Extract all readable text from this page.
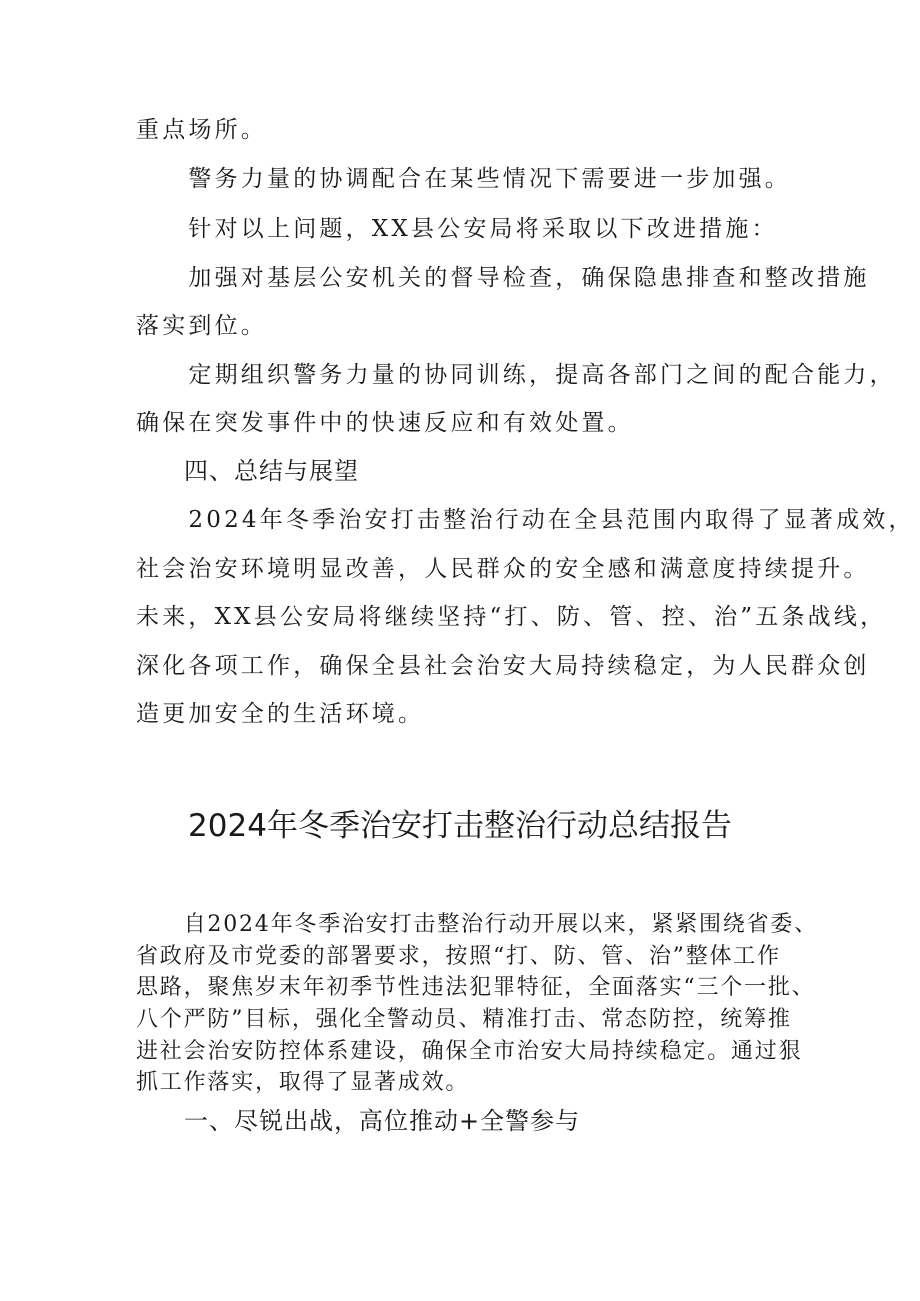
重点场所。
　　警务力量的协调配合在某些情况下需要进一步加强。
　　针对以上问题，XX县公安局将采取以下改进措施：
　　加强对基层公安机关的督导检查，确保隐患排查和整改措施
落实到位。
　　定期组织警务力量的协同训练，提高各部门之间的配合能力，
确保在突发事件中的快速反应和有效处置。
四、总结与展望
　　2024年冬季治安打击整治行动在全县范围内取得了显著成效，
社会治安环境明显改善，人民群众的安全感和满意度持续提升。
未来，XX县公安局将继续坚持“打、防、管、控、治”五条战线，
深化各项工作，确保全县社会治安大局持续稳定，为人民群众创
造更加安全的生活环境。
2024年冬季治安打击整治行动总结报告
　　自2024年冬季治安打击整治行动开展以来，紧紧围绕省委、
省政府及市党委的部署要求，按照“打、防、管、治”整体工作
思路，聚焦岁末年初季节性违法犯罪特征，全面落实“三个一批、
八个严防”目标，强化全警动员、精准打击、常态防控，统筹推
进社会治安防控体系建设，确保全市治安大局持续稳定。通过狠
抓工作落实，取得了显著成效。
一、尽锐出战，高位推动+全警参与
